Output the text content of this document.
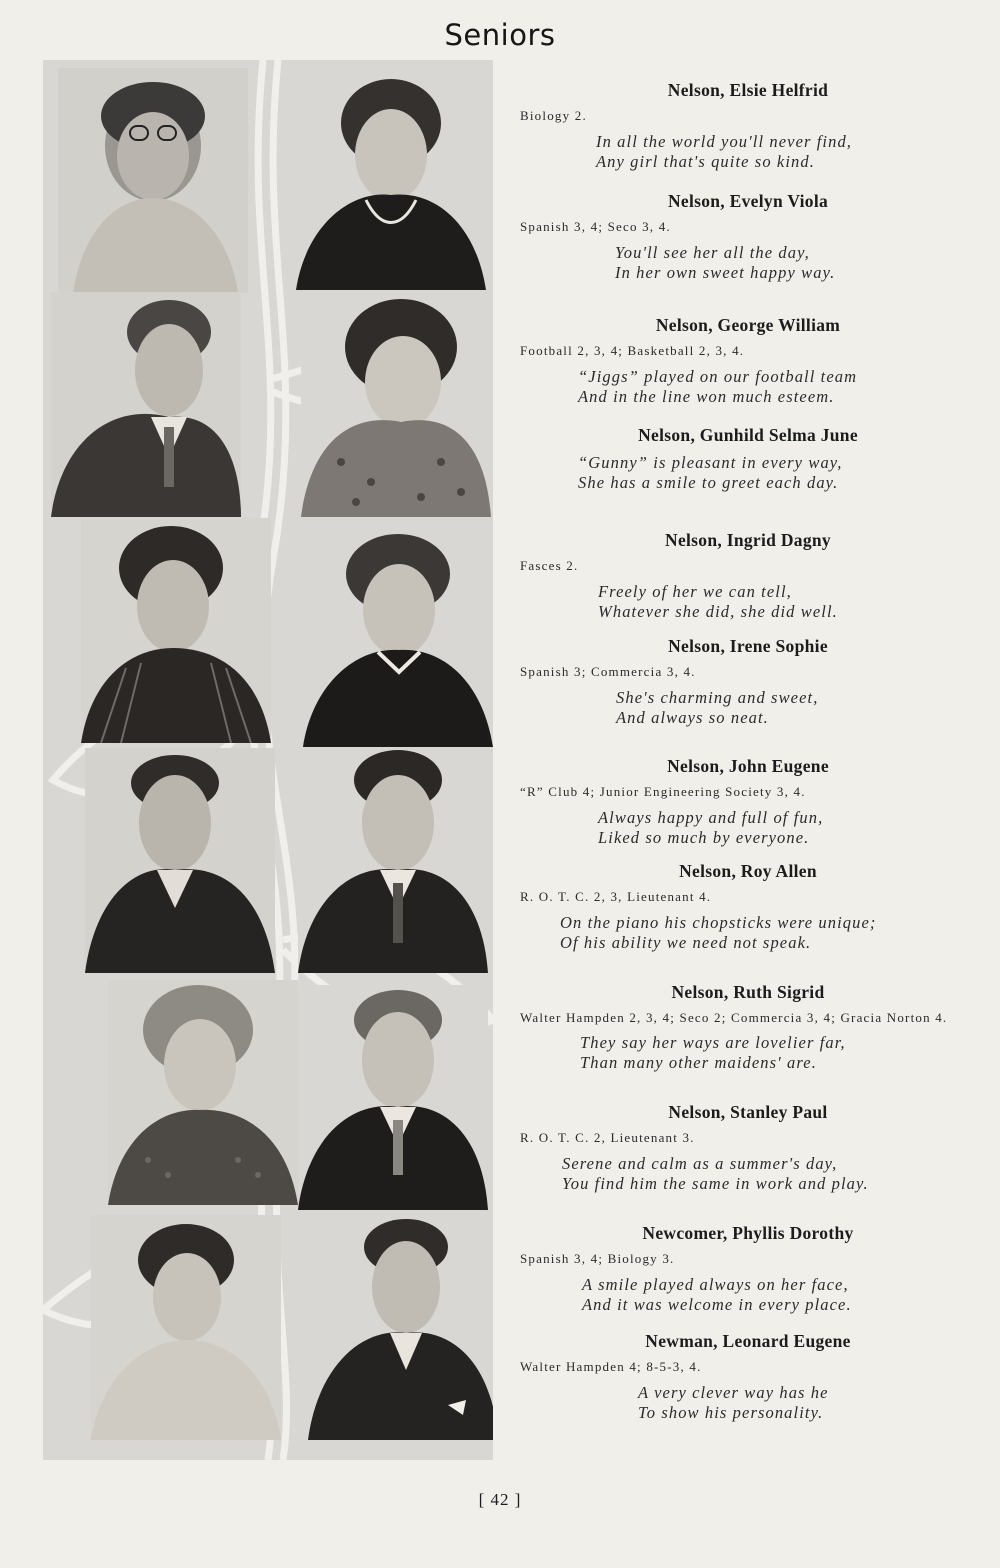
Seniors
Nelson, Elsie Helfrid
Biology 2.
In all the world you'll never find,
Any girl that's quite so kind.
Nelson, Evelyn Viola
Spanish 3, 4; Seco 3, 4.
You'll see her all the day,
In her own sweet happy way.
Nelson, George William
Football 2, 3, 4; Basketball 2, 3, 4.
“Jiggs” played on our football team
And in the line won much esteem.
Nelson, Gunhild Selma June
“Gunny” is pleasant in every way,
She has a smile to greet each day.
Nelson, Ingrid Dagny
Fasces 2.
Freely of her we can tell,
Whatever she did, she did well.
Nelson, Irene Sophie
Spanish 3; Commercia 3, 4.
She's charming and sweet,
And always so neat.
Nelson, John Eugene
“R” Club 4; Junior Engineering Society 3, 4.
Always happy and full of fun,
Liked so much by everyone.
Nelson, Roy Allen
R. O. T. C. 2, 3, Lieutenant 4.
On the piano his chopsticks were unique;
Of his ability we need not speak.
Nelson, Ruth Sigrid
Walter Hampden 2, 3, 4; Seco 2; Commercia 3, 4; Gracia Norton 4.
They say her ways are lovelier far,
Than many other maidens' are.
Nelson, Stanley Paul
R. O. T. C. 2, Lieutenant 3.
Serene and calm as a summer's day,
You find him the same in work and play.
Newcomer, Phyllis Dorothy
Spanish 3, 4; Biology 3.
A smile played always on her face,
And it was welcome in every place.
Newman, Leonard Eugene
Walter Hampden 4; 8-5-3, 4.
A very clever way has he
To show his personality.
[ 42 ]
